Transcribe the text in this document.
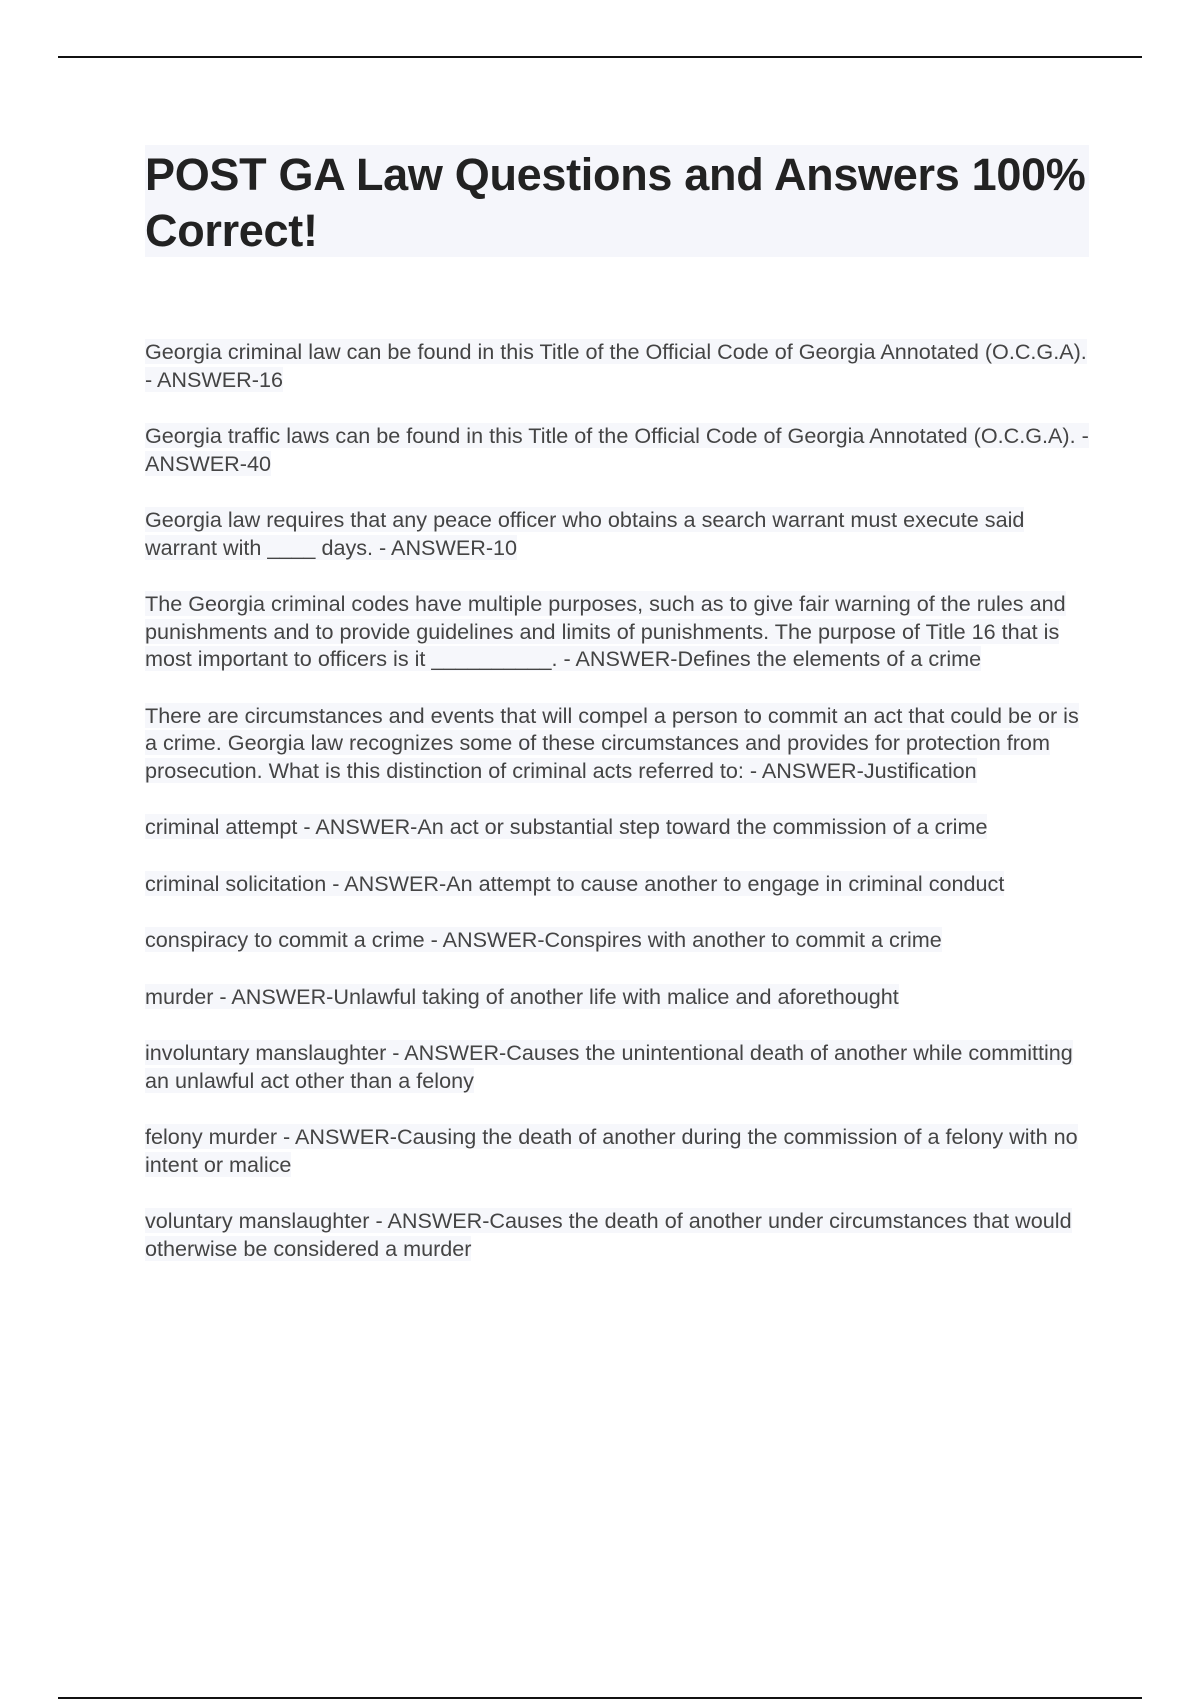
POST GA Law Questions and Answers 100% Correct!
Georgia criminal law can be found in this Title of the Official Code of Georgia Annotated (O.C.G.A). - ANSWER-16
Georgia traffic laws can be found in this Title of the Official Code of Georgia Annotated (O.C.G.A). - ANSWER-40
Georgia law requires that any peace officer who obtains a search warrant must execute said warrant with ____ days. - ANSWER-10
The Georgia criminal codes have multiple purposes, such as to give fair warning of the rules and punishments and to provide guidelines and limits of punishments. The purpose of Title 16 that is most important to officers is it __________. - ANSWER-Defines the elements of a crime
There are circumstances and events that will compel a person to commit an act that could be or is a crime. Georgia law recognizes some of these circumstances and provides for protection from prosecution. What is this distinction of criminal acts referred to: - ANSWER-Justification
criminal attempt - ANSWER-An act or substantial step toward the commission of a crime
criminal solicitation - ANSWER-An attempt to cause another to engage in criminal conduct
conspiracy to commit a crime - ANSWER-Conspires with another to commit a crime
murder - ANSWER-Unlawful taking of another life with malice and aforethought
involuntary manslaughter - ANSWER-Causes the unintentional death of another while committing an unlawful act other than a felony
felony murder - ANSWER-Causing the death of another during the commission of a felony with no intent or malice
voluntary manslaughter - ANSWER-Causes the death of another under circumstances that would otherwise be considered a murder
